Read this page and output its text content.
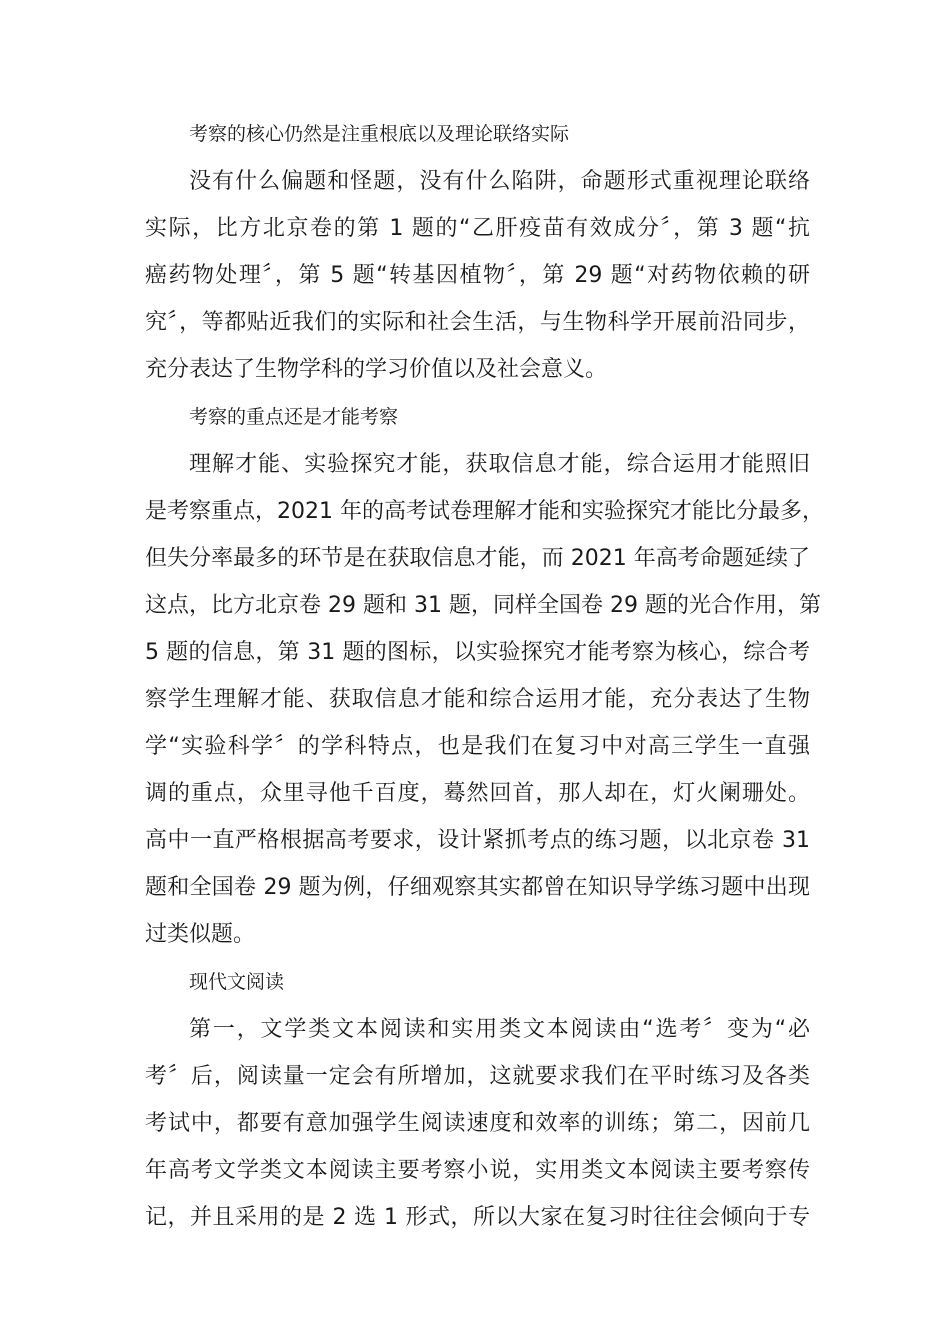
考察的核心仍然是注重根底以及理论联络实际

没有什么偏题和怪题，没有什么陷阱，命题形式重视理论联络
实际，比方北京卷的第 1 题的“乙肝疫苗有效成分〞，第 3 题“抗
癌药物处理〞，第 5 题“转基因植物〞，第 29 题“对药物依赖的研
究〞，等都贴近我们的实际和社会生活，与生物科学开展前沿同步，
充分表达了生物学科的学习价值以及社会意义。

考察的重点还是才能考察

理解才能、实验探究才能，获取信息才能，综合运用才能照旧
是考察重点，2021 年的高考试卷理解才能和实验探究才能比分最多，
但失分率最多的环节是在获取信息才能，而 2021 年高考命题延续了
这点，比方北京卷 29 题和 31 题，同样全国卷 29 题的光合作用，第
5 题的信息，第 31 题的图标，以实验探究才能考察为核心，综合考
察学生理解才能、获取信息才能和综合运用才能，充分表达了生物
学“实验科学〞的学科特点，也是我们在复习中对高三学生一直强
调的重点，众里寻他千百度，蓦然回首，那人却在，灯火阑珊处。
高中一直严格根据高考要求，设计紧抓考点的练习题，以北京卷 31
题和全国卷 29 题为例，仔细观察其实都曾在知识导学练习题中出现
过类似题。

现代文阅读

第一，文学类文本阅读和实用类文本阅读由“选考〞变为“必
考〞后，阅读量一定会有所增加，这就要求我们在平时练习及各类
考试中，都要有意加强学生阅读速度和效率的训练；第二，因前几
年高考文学类文本阅读主要考察小说，实用类文本阅读主要考察传
记，并且采用的是 2 选 1 形式，所以大家在复习时往往会倾向于专
